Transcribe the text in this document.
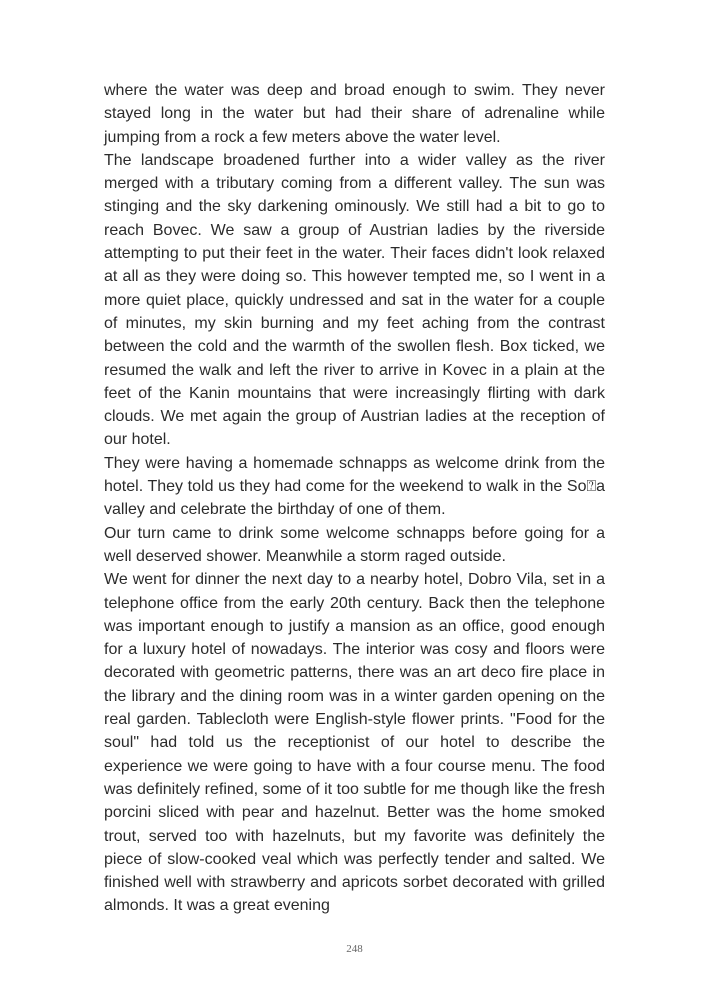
where the water was deep and broad enough to swim. They never stayed long in the water but had their share of adrenaline while jumping from a rock a few meters above the water level.

The landscape broadened further into a wider valley as the river merged with a tributary coming from a different valley. The sun was stinging and the sky darkening ominously. We still had a bit to go to reach Bovec. We saw a group of Austrian ladies by the riverside attempting to put their feet in the water. Their faces didn't look relaxed at all as they were doing so. This however tempted me, so I went in a more quiet place, quickly undressed and sat in the water for a couple of minutes, my skin burning and my feet aching from the contrast between the cold and the warmth of the swollen flesh. Box ticked, we resumed the walk and left the river to arrive in Kovec in a plain at the feet of the Kanin mountains that were increasingly flirting with dark clouds. We met again the group of Austrian ladies at the reception of our hotel.

They were having a homemade schnapps as welcome drink from the hotel. They told us they had come for the weekend to walk in the So⍰a valley and celebrate the birthday of one of them.

Our turn came to drink some welcome schnapps before going for a well deserved shower. Meanwhile a storm raged outside.

We went for dinner the next day to a nearby hotel, Dobro Vila, set in a telephone office from the early 20th century. Back then the telephone was important enough to justify a mansion as an office, good enough for a luxury hotel of nowadays. The interior was cosy and floors were decorated with geometric patterns, there was an art deco fire place in the library and the dining room was in a winter garden opening on the real garden. Tablecloth were English-style flower prints. "Food for the soul" had told us the receptionist of our hotel to describe the experience we were going to have with a four course menu. The food was definitely refined, some of it too subtle for me though like the fresh porcini sliced with pear and hazelnut. Better was the home smoked trout, served too with hazelnuts, but my favorite was definitely the piece of slow-cooked veal which was perfectly tender and salted. We finished well with strawberry and apricots sorbet decorated with grilled almonds. It was a great evening

248
